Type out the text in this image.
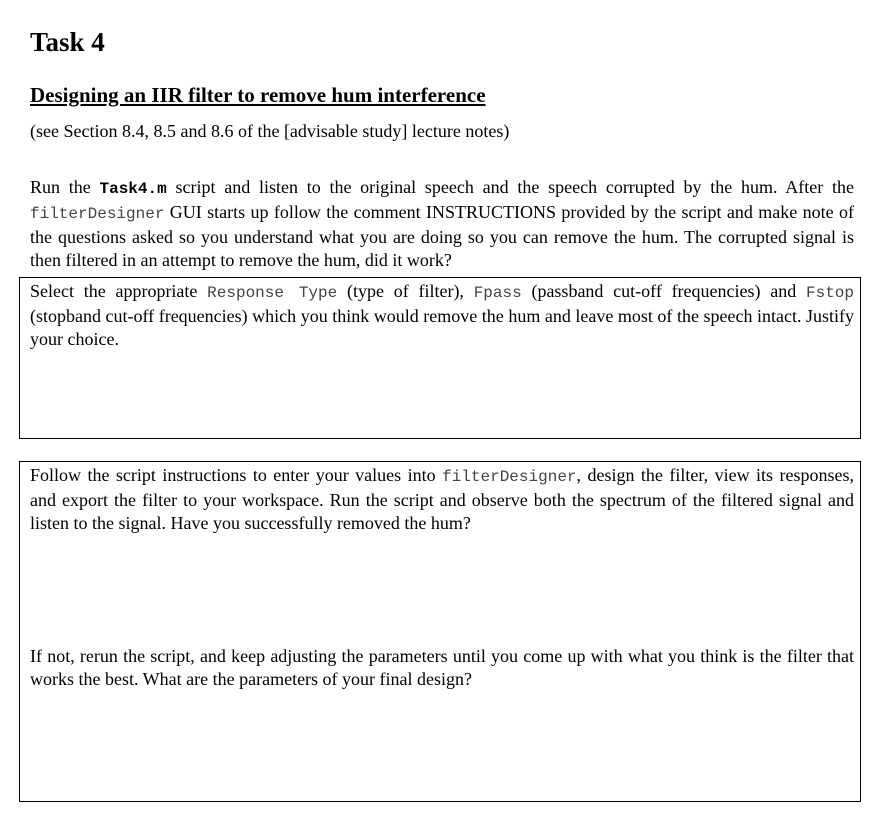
Task 4
Designing an IIR filter to remove hum interference
(see Section 8.4, 8.5 and 8.6 of the [advisable study] lecture notes)
Run the Task4.m script and listen to the original speech and the speech corrupted by the hum. After the filterDesigner GUI starts up follow the comment INSTRUCTIONS provided by the script and make note of the questions asked so you understand what you are doing so you can remove the hum. The corrupted signal is then filtered in an attempt to remove the hum, did it work?
Select the appropriate Response Type (type of filter), Fpass (passband cut-off frequencies) and Fstop (stopband cut-off frequencies) which you think would remove the hum and leave most of the speech intact. Justify your choice.
Follow the script instructions to enter your values into filterDesigner, design the filter, view its responses, and export the filter to your workspace. Run the script and observe both the spectrum of the filtered signal and listen to the signal. Have you successfully removed the hum?
If not, rerun the script, and keep adjusting the parameters until you come up with what you think is the filter that works the best. What are the parameters of your final design?
